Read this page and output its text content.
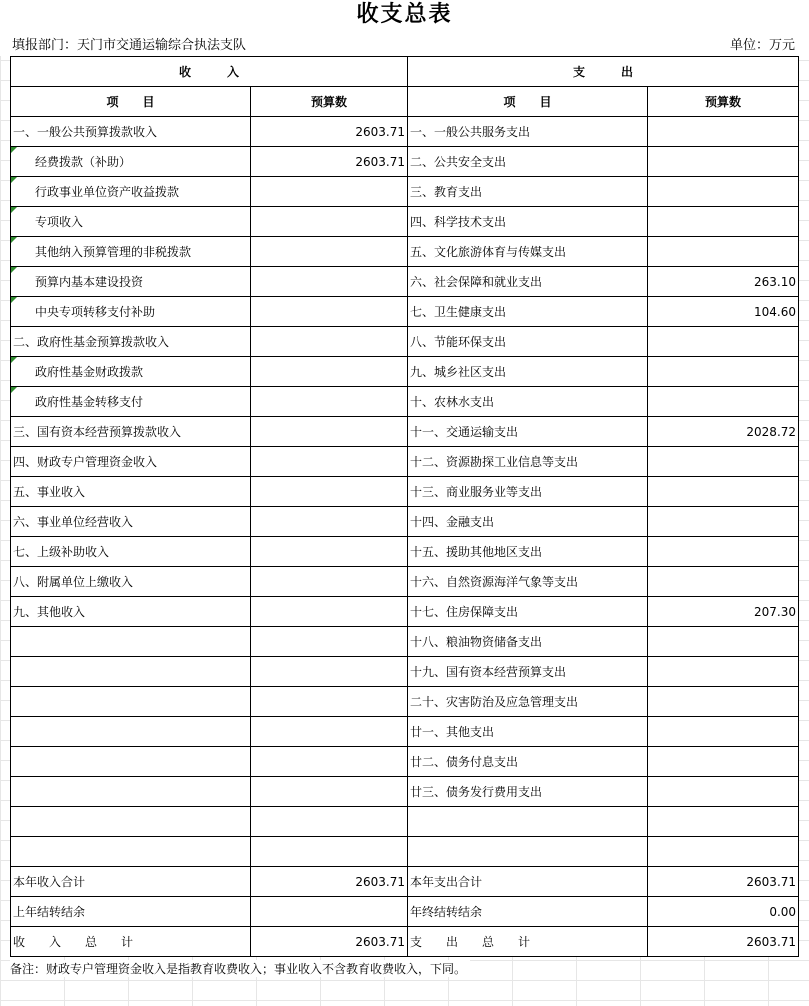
收支总表
填报部门：天门市交通运输综合执法支队	单位：万元
收　　　入		支　　　出	
项　　目	预算数	项　　目	预算数
一、一般公共预算拨款收入	2603.71	一、一般公共服务支出	
经费拨款（补助）	2603.71	二、公共安全支出	
行政事业单位资产收益拨款		三、教育支出	
专项收入		四、科学技术支出	
其他纳入预算管理的非税拨款		五、文化旅游体育与传媒支出	
预算内基本建设投资		六、社会保障和就业支出	263.10
中央专项转移支付补助		七、卫生健康支出	104.60
二、政府性基金预算拨款收入		八、节能环保支出	
政府性基金财政拨款		九、城乡社区支出	
政府性基金转移支付		十、农林水支出	
三、国有资本经营预算拨款收入		十一、交通运输支出	2028.72
四、财政专户管理资金收入		十二、资源勘探工业信息等支出	
五、事业收入		十三、商业服务业等支出	
六、事业单位经营收入		十四、金融支出	
七、上级补助收入		十五、援助其他地区支出	
八、附属单位上缴收入		十六、自然资源海洋气象等支出	
九、其他收入		十七、住房保障支出	207.30
		十八、粮油物资储备支出	
		十九、国有资本经营预算支出	
		二十、灾害防治及应急管理支出	
		廿一、其他支出	
		廿二、债务付息支出	
		廿三、债务发行费用支出	

本年收入合计	2603.71	本年支出合计	2603.71
上年结转结余		年终结转结余	0.00
收　　入　　总　　计	2603.71	支　　出　　总　　计	2603.71
备注：财政专户管理资金收入是指教育收费收入；事业收入不含教育收费收入，下同。
